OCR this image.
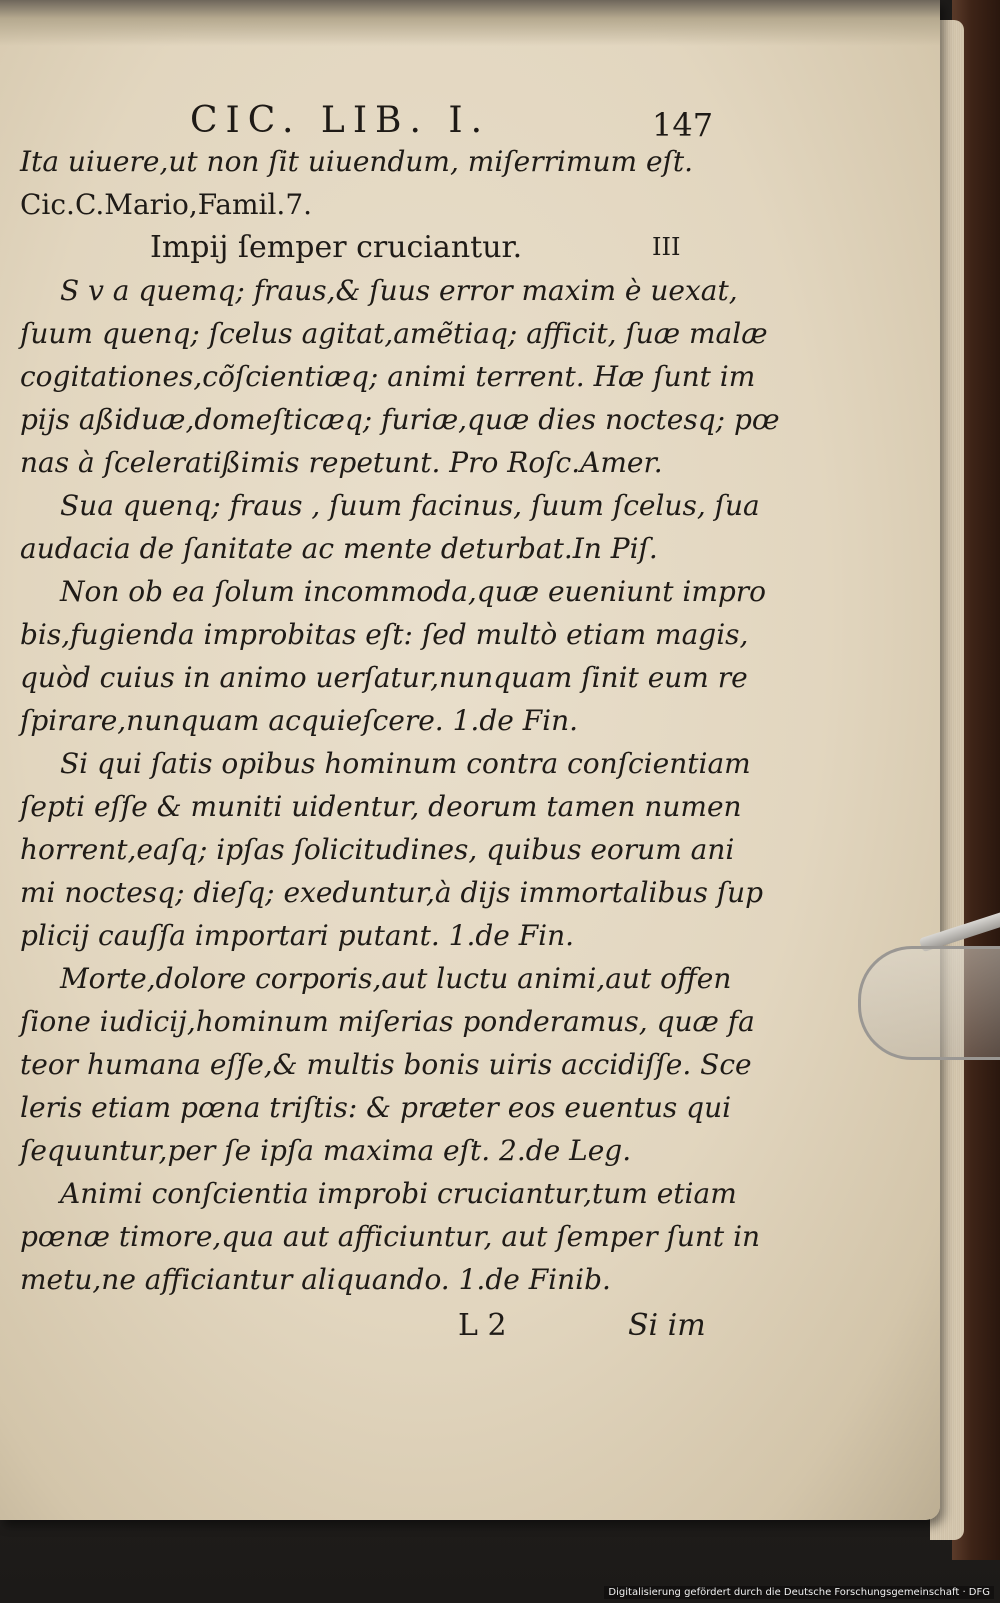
CIC. LIB. I.	147
Ita uiuere,ut non ſit uiuendum, miſerrimum eſt.
Cic.C.Mario,Famil.7.
Impij ſemper cruciantur.	III
S v a quemq; fraus,& ſuus error maxim è uexat,
ſuum quenq; ſcelus agitat,amẽtiaq; afficit, ſuæ malæ
cogitationes,cõſcientiæq; animi terrent. Hæ ſunt im
pijs aßiduæ,domeſticæq; furiæ,quæ dies noctesq; pœ
nas à ſceleratißimis repetunt. Pro Roſc.Amer.
Sua quenq; fraus , ſuum facinus, ſuum ſcelus, ſua
audacia de ſanitate ac mente deturbat.In Piſ.
Non ob ea ſolum incommoda,quæ eueniunt impro
bis,fugienda improbitas eſt: ſed multò etiam magis,
quòd cuius in animo uerſatur,nunquam ſinit eum re
ſpirare,nunquam acquieſcere. 1.de Fin.
Si qui ſatis opibus hominum contra conſcientiam
ſepti eſſe & muniti uidentur, deorum tamen numen
horrent,eaſq; ipſas ſolicitudines, quibus eorum ani
mi noctesq; dieſq; exeduntur,à dijs immortalibus ſup
plicij cauſſa importari putant. 1.de Fin.
Morte,dolore corporis,aut luctu animi,aut offen
ſione iudicij,hominum miſerias ponderamus, quæ fa
teor humana eſſe,& multis bonis uiris accidiſſe. Sce
leris etiam pœna triſtis: & præter eos euentus qui
ſequuntur,per ſe ipſa maxima eſt. 2.de Leg.
Animi conſcientia improbi cruciantur,tum etiam
pœnæ timore,qua aut afficiuntur, aut ſemper ſunt in
metu,ne afficiantur aliquando. 1.de Finib.
L 2	Si im
Digitalisierung gefördert durch die Deutsche Forschungsgemeinschaft · DFG
